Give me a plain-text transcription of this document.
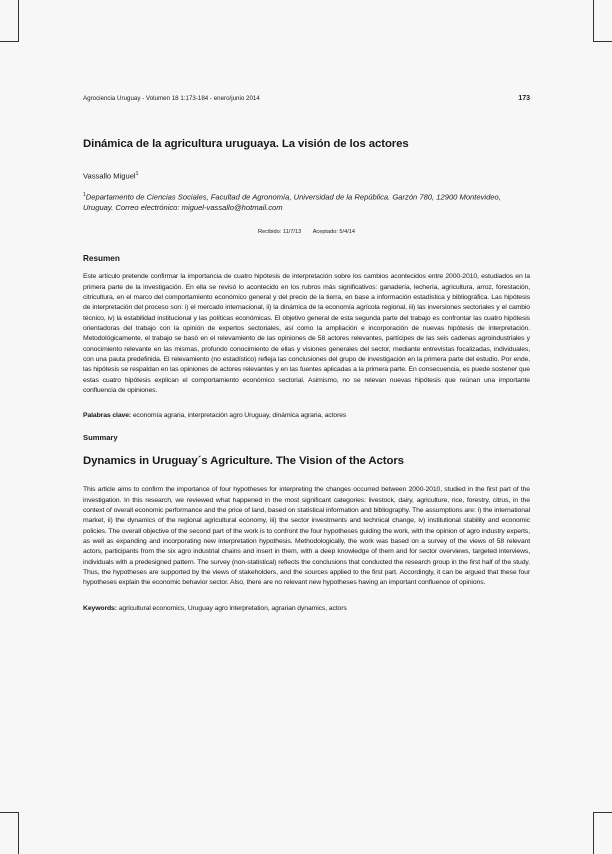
Agrociencia Uruguay - Volumen 18 1:173-184 - enero/junio 2014	173
Dinámica de la agricultura uruguaya. La visión de los actores
Vassallo Miguel$^1$
$^1$Departamento de Ciencias Sociales, Facultad de Agronomía, Universidad de la República. Garzón 780, 12900 Montevideo, Uruguay. Correo electrónico: miguel-vassallo@hotmail.com
Recibido: 11/7/13 Aceptado: 5/4/14
Resumen

Este artículo pretende confirmar la importancia de cuatro hipótesis de interpretación sobre los cambios acontecidos entre 2000-2010, estudiados en la primera parte de la investigación. En ella se revisó lo acontecido en los rubros más significativos: ganadería, lechería, agricultura, arroz, forestación, citricultura, en el marco del comportamiento económico general y del precio de la tierra, en base a información estadística y bibliográfica. Las hipótesis de interpretación del proceso son: i) el mercado internacional, ii) la dinámica de la economía agrícola regional, iii) las inversiones sectoriales y el cambio técnico, iv) la estabilidad institucional y las políticas económicas. El objetivo general de esta segunda parte del trabajo es confrontar las cuatro hipótesis orientadoras del trabajo con la opinión de expertos sectoriales, así como la ampliación e incorporación de nuevas hipótesis de interpretación. Metodológicamente, el trabajo se basó en el relevamiento de las opiniones de 58 actores relevantes, partícipes de las seis cadenas agroindustriales y conocimiento relevante en las mismas, profundo conocimiento de ellas y visiones generales del sector, mediante entrevistas focalizadas, individuales, con una pauta predefinida. El relevamiento (no estadístico) refleja las conclusiones del grupo de investigación en la primera parte del estudio. Por ende, las hipótesis se respaldan en las opiniones de actores relevantes y en las fuentes aplicadas a la primera parte. En consecuencia, es puede sostener que estas cuatro hipótesis explican el comportamiento económico sectorial. Asimismo, no se relevan nuevas hipótesis que reúnan una importante confluencia de opiniones.

Palabras clave: economía agraria, interpretación agro Uruguay, dinámica agraria, actores
Summary
Dynamics in Uruguay´s Agriculture. The Vision of the Actors

This article aims to confirm the importance of four hypotheses for interpreting the changes occurred between 2000-2010, studied in the first part of the investigation. In this research, we reviewed what happened in the most significant categories: livestock, dairy, agriculture, rice, forestry, citrus, in the context of overall economic performance and the price of land, based on statistical information and bibliography. The assumptions are: i) the international market, ii) the dynamics of the regional agricultural economy, iii) the sector investments and technical change, iv) institutional stability and economic policies. The overall objective of the second part of the work is to confront the four hypotheses guiding the work, with the opinion of agro industry experts, as well as expanding and incorporating new interpretation hypothesis. Methodologically, the work was based on a survey of the views of 58 relevant actors, participants from the six agro industrial chains and insert in them, with a deep knowledge of them and for sector overviews, targeted interviews, individuals with a predesigned pattern. The survey (non-statistical) reflects the conclusions that conducted the research group in the first half of the study. Thus, the hypotheses are supported by the views of stakeholders, and the sources applied to the first part. Accordingly, it can be argued that these four hypotheses explain the economic behavior sector. Also, there are no relevant new hypotheses having an important confluence of opinions.

Keywords: agricultural economics, Uruguay agro interpretation, agrarian dynamics, actors
